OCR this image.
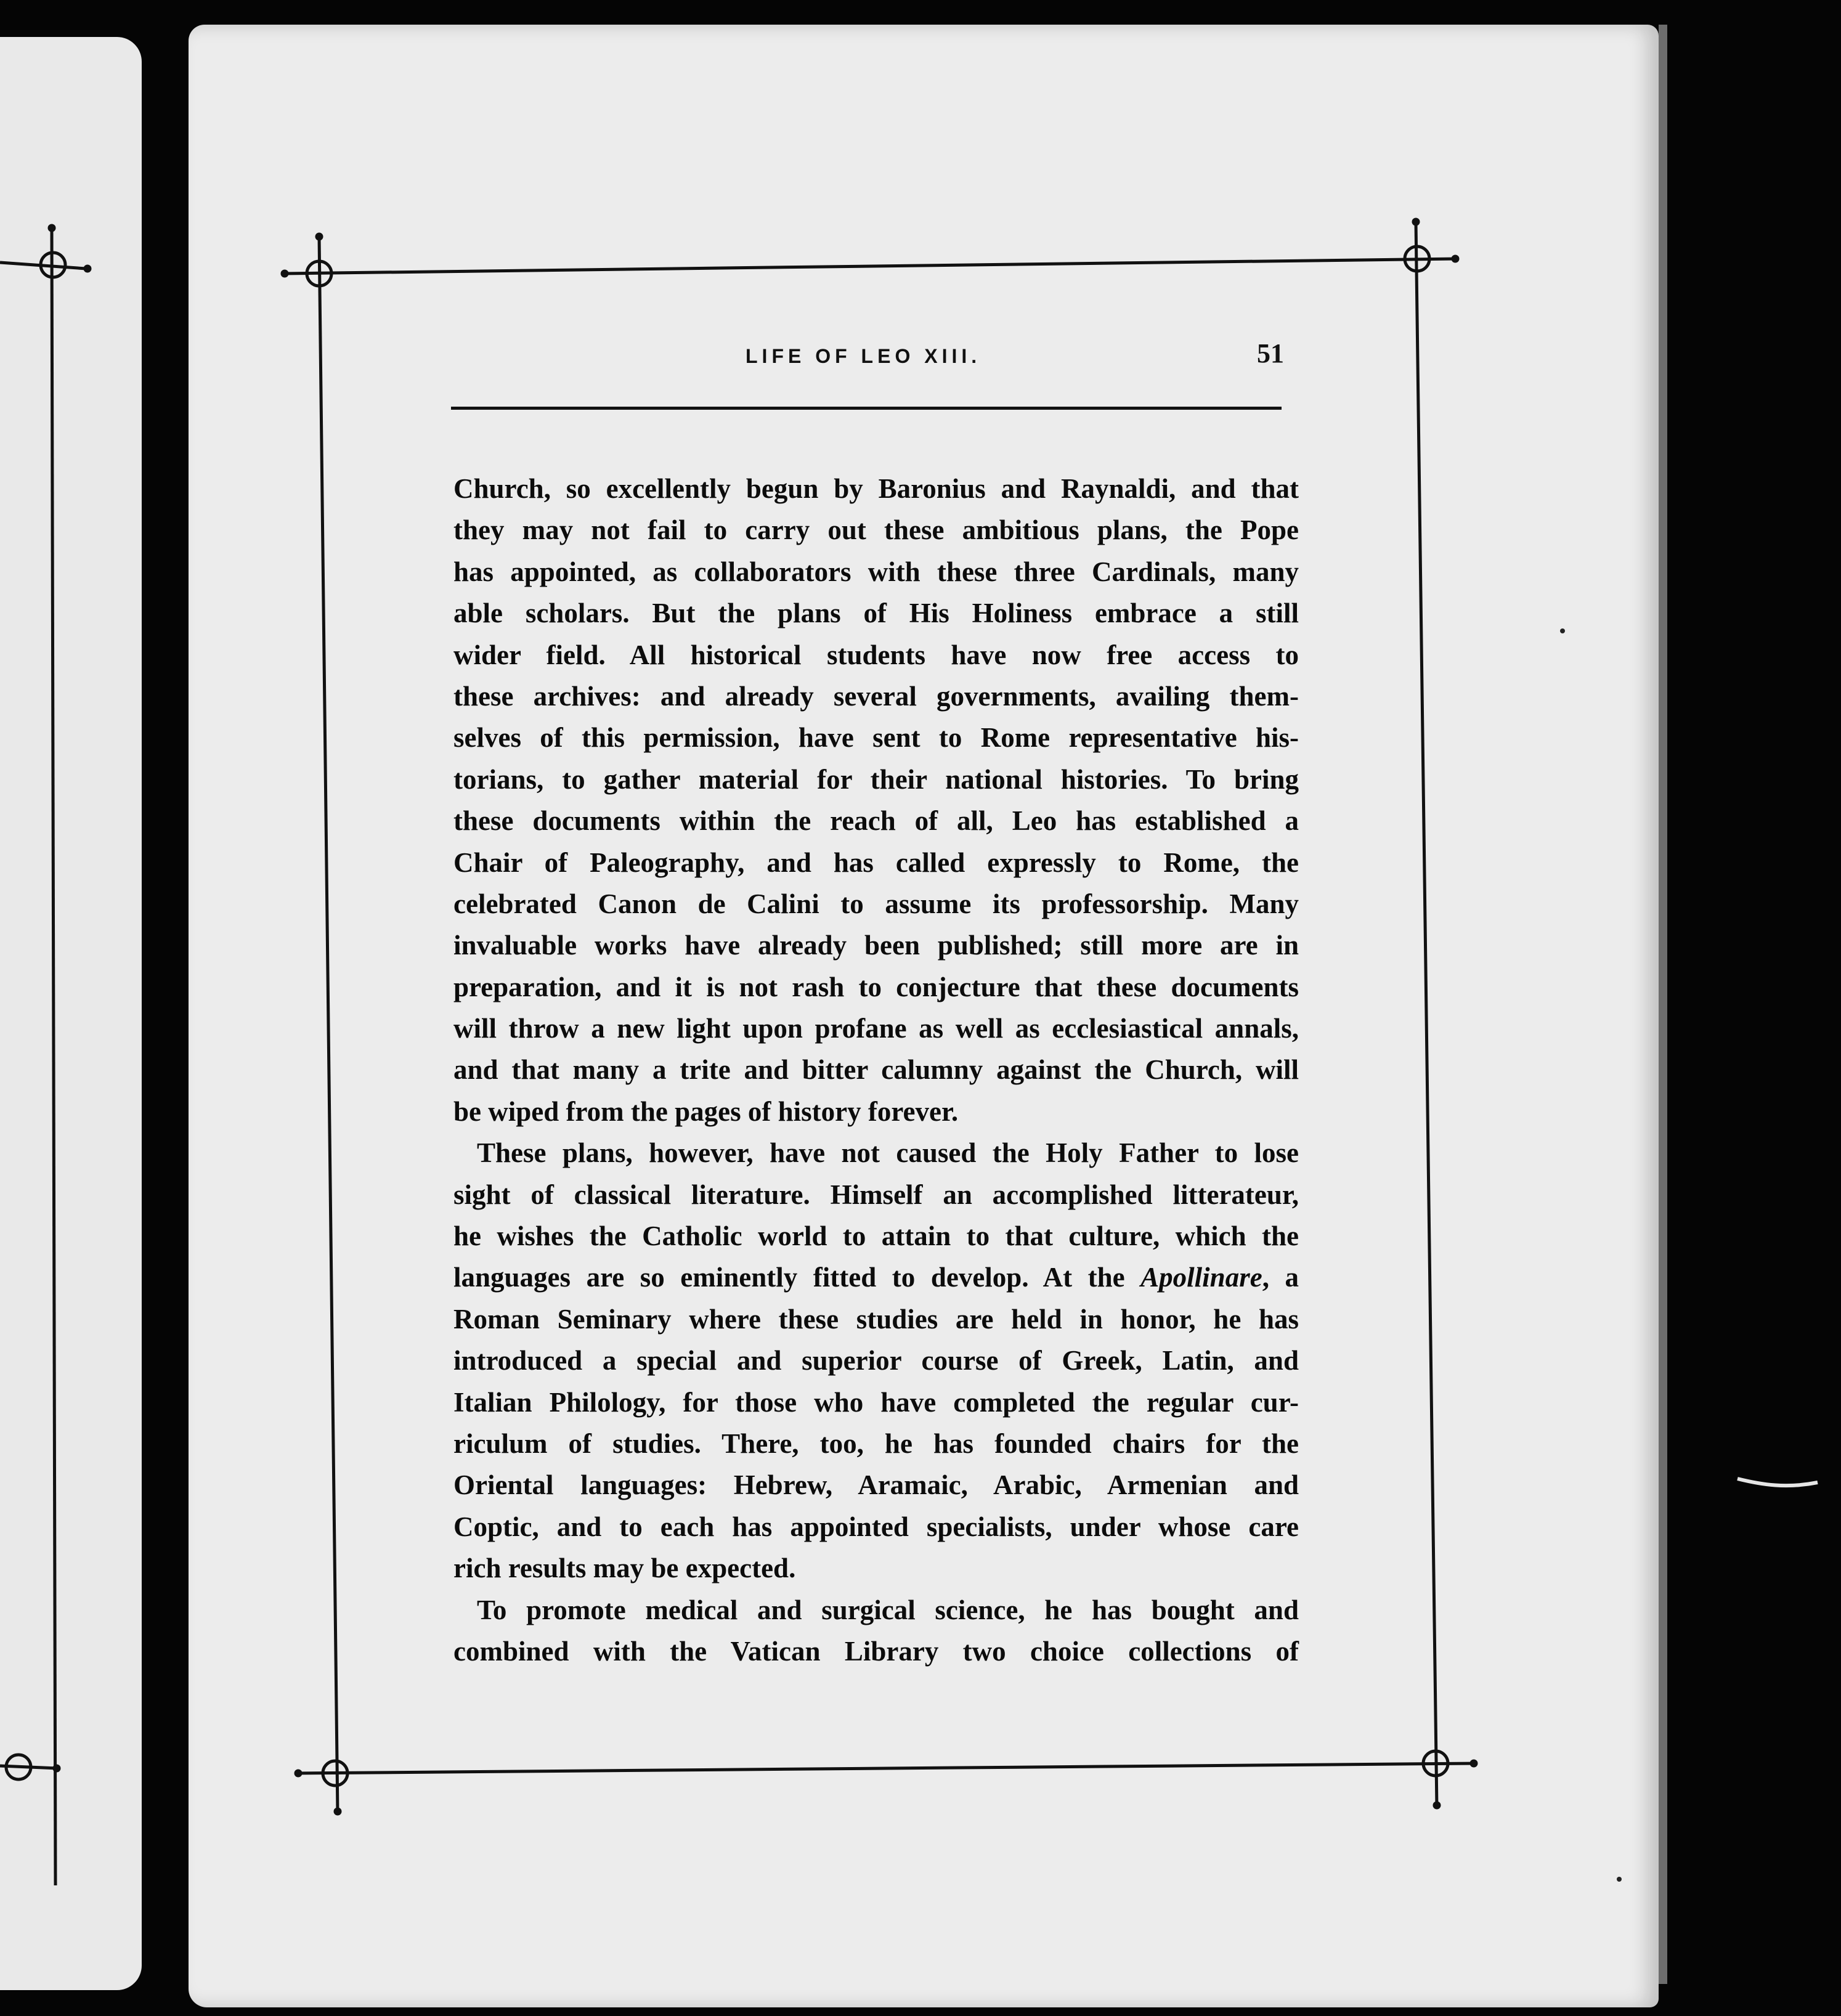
LIFE OF LEO XIII.	51
Church, so excellently begun by Baronius and Raynaldi, and that
they may not fail to carry out these ambitious plans, the Pope
has appointed, as collaborators with these three Cardinals, many
able scholars. But the plans of His Holiness embrace a still
wider field. All historical students have now free access to
these archives: and already several governments, availing them-
selves of this permission, have sent to Rome representative his-
torians, to gather material for their national histories. To bring
these documents within the reach of all, Leo has established a
Chair of Paleography, and has called expressly to Rome, the
celebrated Canon de Calini to assume its professorship. Many
invaluable works have already been published; still more are in
preparation, and it is not rash to conjecture that these documents
will throw a new light upon profane as well as ecclesiastical annals,
and that many a trite and bitter calumny against the Church, will
be wiped from the pages of history forever.
These plans, however, have not caused the Holy Father to lose
sight of classical literature. Himself an accomplished litterateur,
he wishes the Catholic world to attain to that culture, which the
languages are so eminently fitted to develop. At the Apollinare, a
Roman Seminary where these studies are held in honor, he has
introduced a special and superior course of Greek, Latin, and
Italian Philology, for those who have completed the regular cur-
riculum of studies. There, too, he has founded chairs for the
Oriental languages: Hebrew, Aramaic, Arabic, Armenian and
Coptic, and to each has appointed specialists, under whose care
rich results may be expected.
To promote medical and surgical science, he has bought and
combined with the Vatican Library two choice collections of
